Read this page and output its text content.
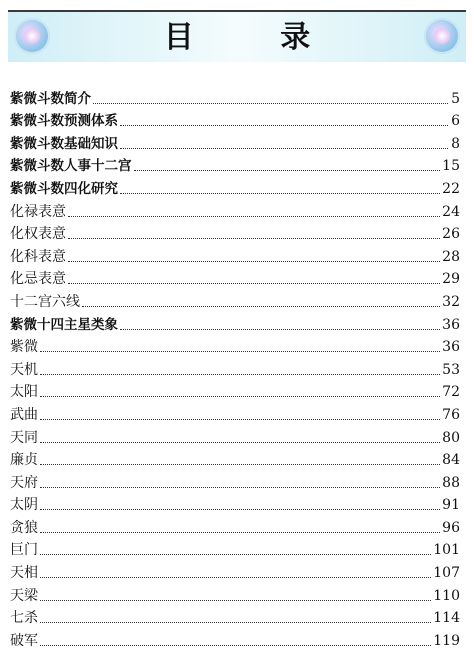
目 录
紫微斗数简介	5
紫微斗数预测体系	6
紫微斗数基础知识	8
紫微斗数人事十二宫	15
紫微斗数四化研究	22
化禄表意	24
化权表意	26
化科表意	28
化忌表意	29
十二宫六线	32
紫微十四主星类象	36
紫微	36
天机	53
太阳	72
武曲	76
天同	80
廉贞	84
天府	88
太阴	91
贪狼	96
巨门	101
天相	107
天梁	110
七杀	114
破军	119
